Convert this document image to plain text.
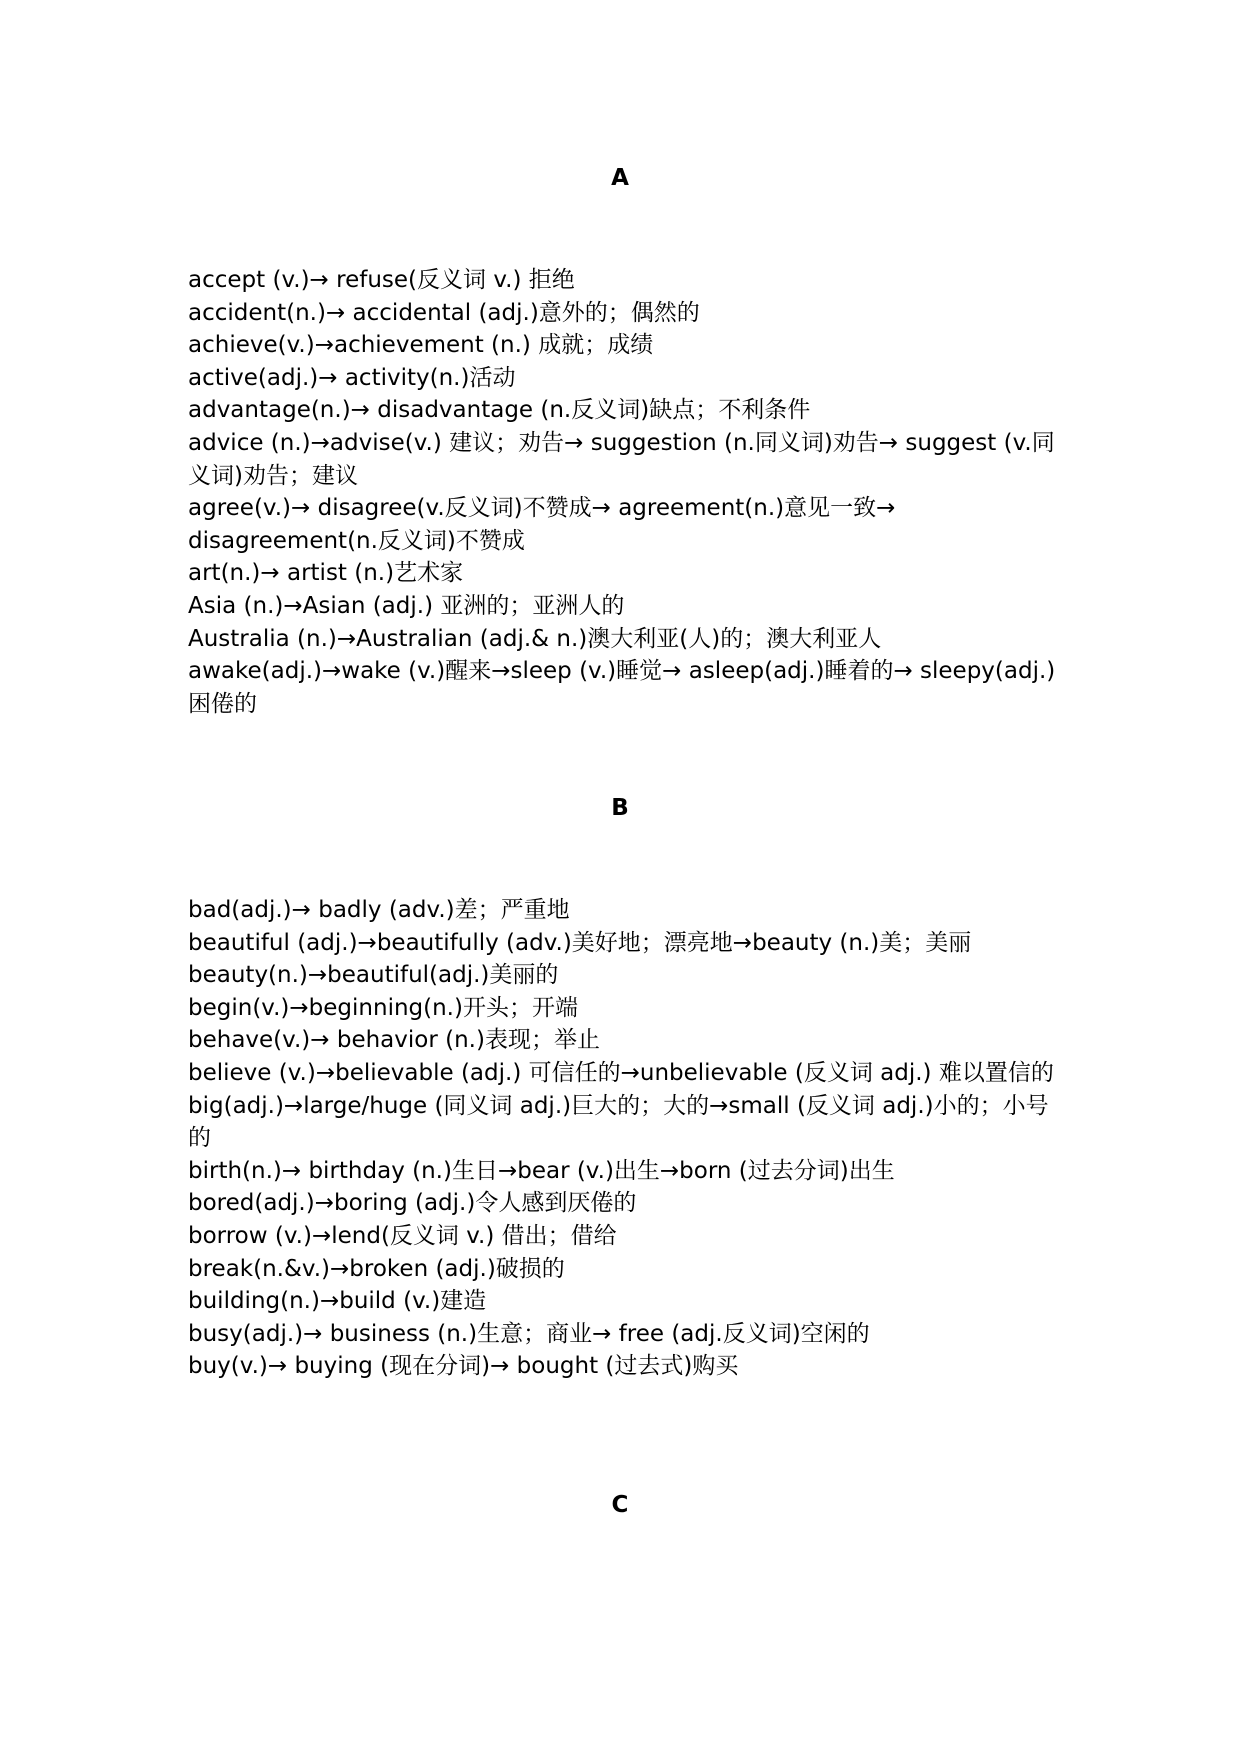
A
accept (v.)→ refuse(反义词 v.) 拒绝
accident(n.)→ accidental (adj.)意外的；偶然的
achieve(v.)→achievement (n.) 成就；成绩
active(adj.)→ activity(n.)活动
advantage(n.)→ disadvantage (n.反义词)缺点；不利条件
advice (n.)→advise(v.) 建议；劝告→ suggestion (n.同义词)劝告→ suggest (v.同义词)劝告；建议
agree(v.)→ disagree(v.反义词)不赞成→ agreement(n.)意见一致→ disagreement(n.反义词)不赞成
art(n.)→ artist (n.)艺术家
Asia (n.)→Asian (adj.) 亚洲的；亚洲人的
Australia (n.)→Australian (adj.& n.)澳大利亚(人)的；澳大利亚人
awake(adj.)→wake (v.)醒来→sleep (v.)睡觉→ asleep(adj.)睡着的→ sleepy(adj.)困倦的
B
bad(adj.)→ badly (adv.)差；严重地
beautiful (adj.)→beautifully (adv.)美好地；漂亮地→beauty (n.)美；美丽
beauty(n.)→beautiful(adj.)美丽的
begin(v.)→beginning(n.)开头；开端
behave(v.)→ behavior (n.)表现；举止
believe (v.)→believable (adj.) 可信任的→unbelievable (反义词 adj.) 难以置信的
big(adj.)→large/huge (同义词 adj.)巨大的；大的→small (反义词 adj.)小的；小号的
birth(n.)→ birthday (n.)生日→bear (v.)出生→born (过去分词)出生
bored(adj.)→boring (adj.)令人感到厌倦的
borrow (v.)→lend(反义词 v.) 借出；借给
break(n.&v.)→broken (adj.)破损的
building(n.)→build (v.)建造
busy(adj.)→ business (n.)生意；商业→ free (adj.反义词)空闲的
buy(v.)→ buying (现在分词)→ bought (过去式)购买
C
